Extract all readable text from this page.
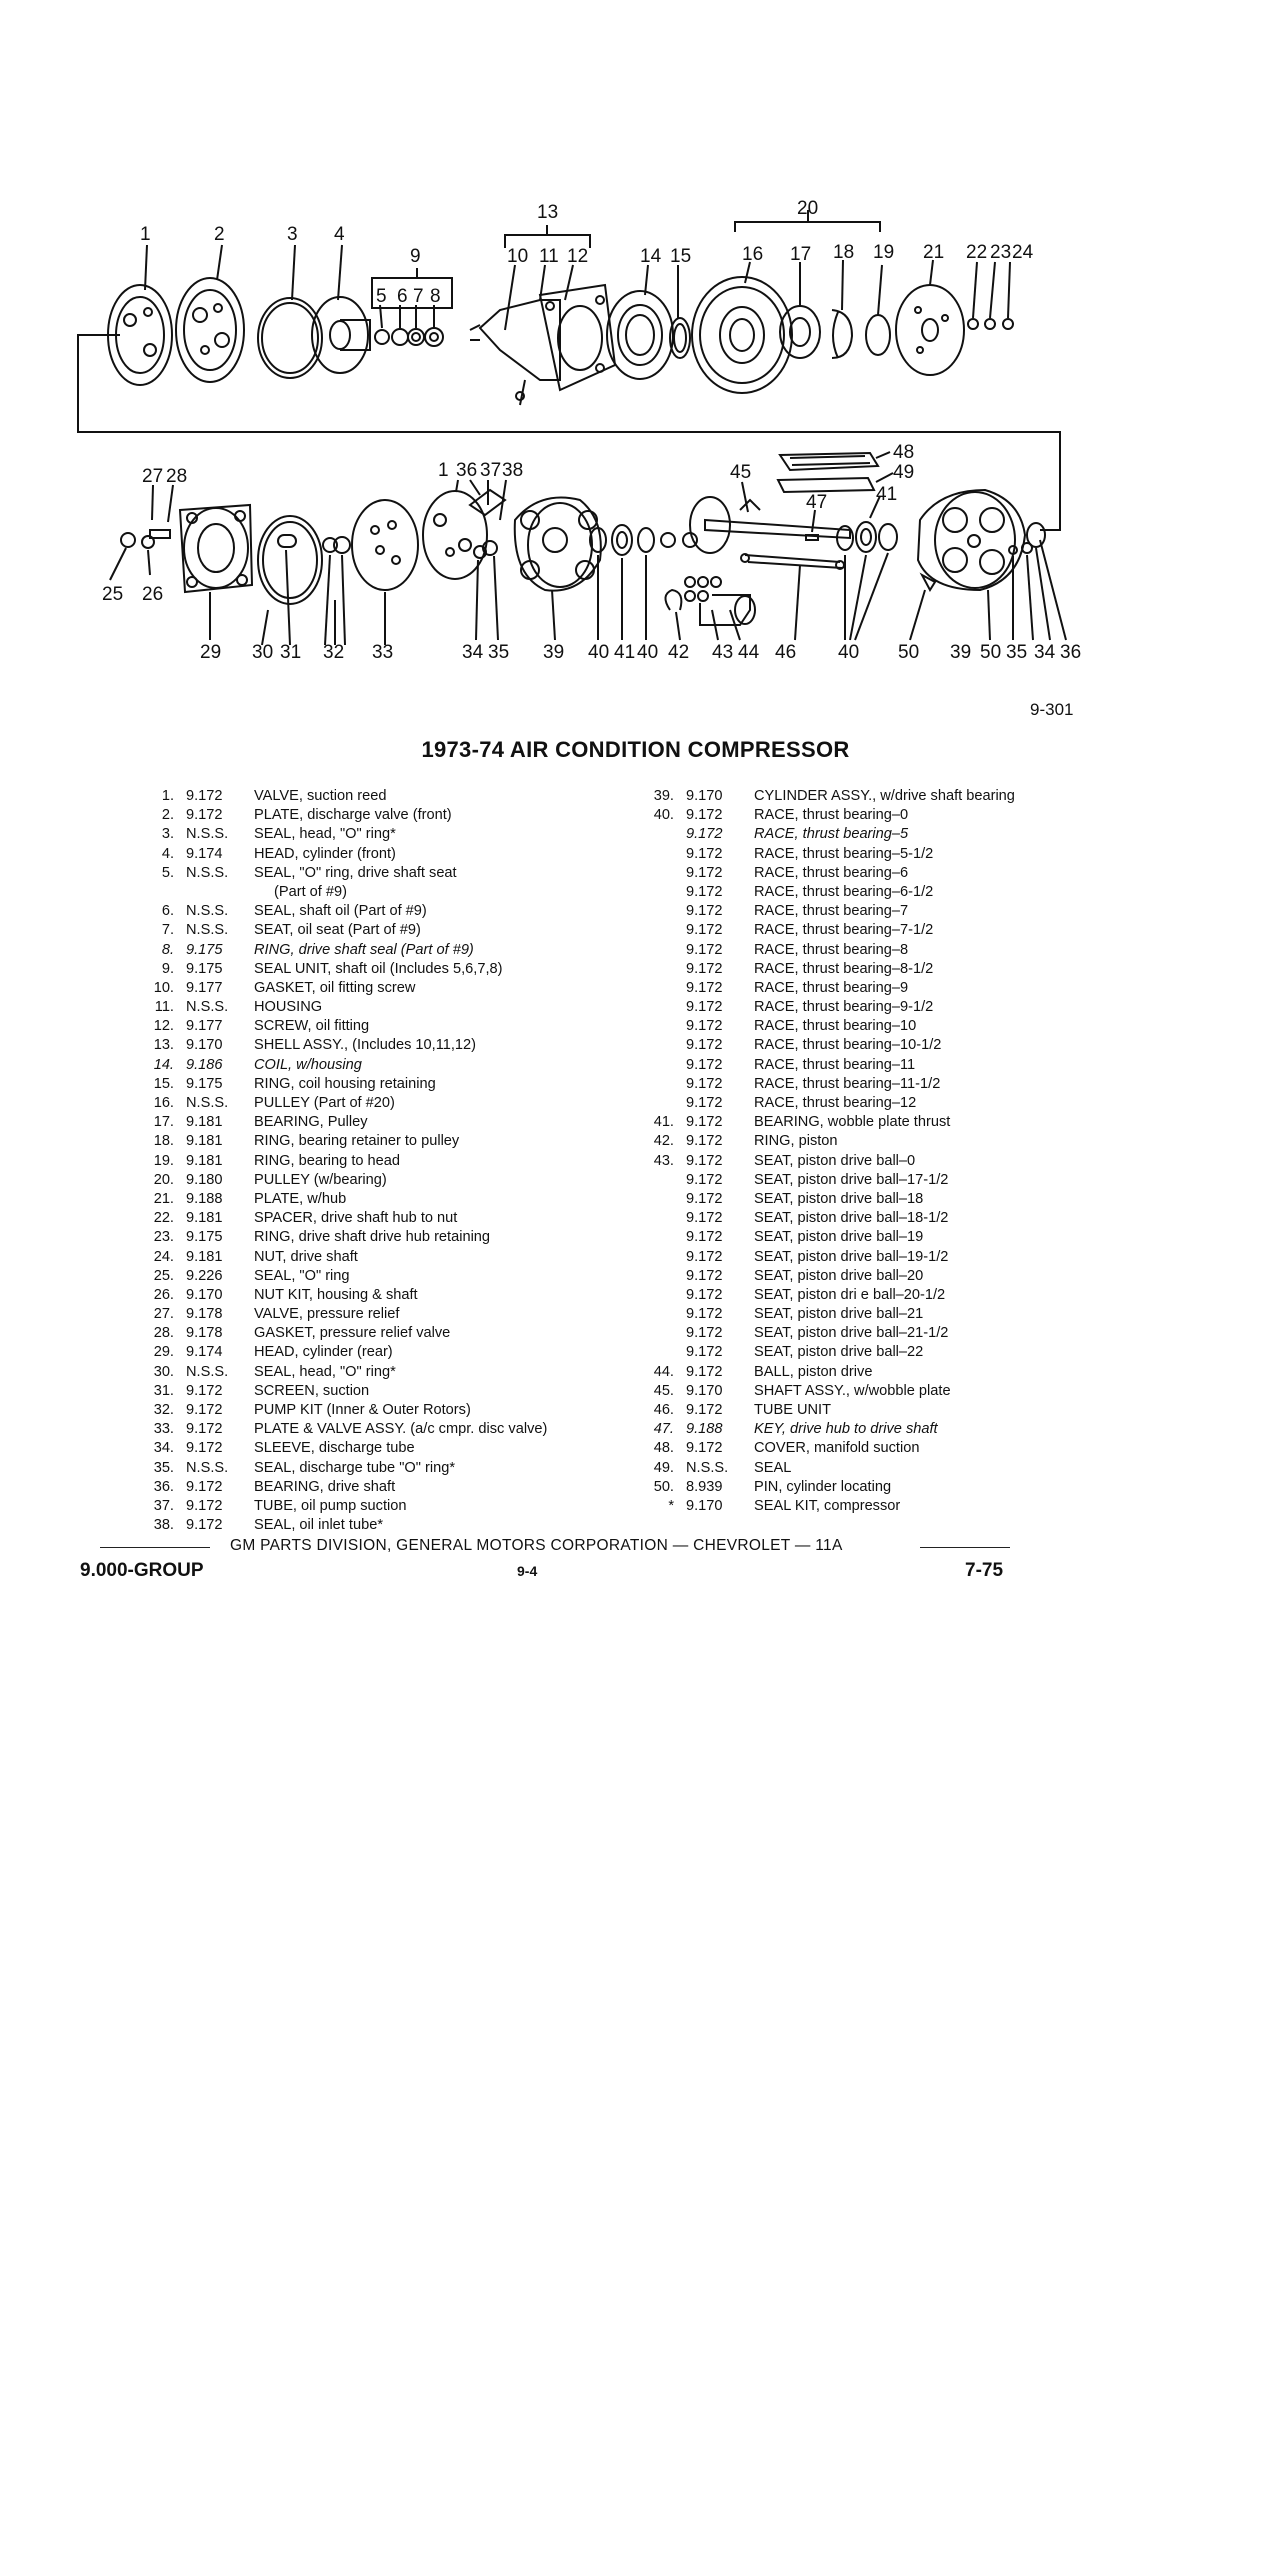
1	2	3 4
9
5 6 7 8
13
10 11 12	14 15
20
16 17 18 19 21 22 23 24
27 28
25 26
29 30 31 32 33
1 36 37 38
34 35 39 40 41 40 42 43 44
45
46
47
48
49
41
40 50 39 50 35 34 36
9-301
1973-74 AIR CONDITION COMPRESSOR
1. 9.172	VALVE, suction reed
2. 9.172	PLATE, discharge valve (front)
3. N.S.S.	SEAL, head, "O" ring*
4. 9.174	HEAD, cylinder (front)
5. N.S.S.	SEAL, "O" ring, drive shaft seat
(Part of #9)
6. N.S.S.	SEAL, shaft oil (Part of #9)
7. N.S.S.	SEAT, oil seat (Part of #9)
8. 9.175	RING, drive shaft seal (Part of #9)
9. 9.175	SEAL UNIT, shaft oil (Includes 5,6,7,8)
10. 9.177	GASKET, oil fitting screw
11. N.S.S.	HOUSING
12. 9.177	SCREW, oil fitting
13. 9.170	SHELL ASSY., (Includes 10,11,12)
14. 9.186	COIL, w/housing
15. 9.175	RING, coil housing retaining
16. N.S.S.	PULLEY (Part of #20)
17. 9.181	BEARING, Pulley
18. 9.181	RING, bearing retainer to pulley
19. 9.181	RING, bearing to head
20. 9.180	PULLEY (w/bearing)
21. 9.188	PLATE, w/hub
22. 9.181	SPACER, drive shaft hub to nut
23. 9.175	RING, drive shaft drive hub retaining
24. 9.181	NUT, drive shaft
25. 9.226	SEAL, "O" ring
26. 9.170	NUT KIT, housing & shaft
27. 9.178	VALVE, pressure relief
28. 9.178	GASKET, pressure relief valve
29. 9.174	HEAD, cylinder (rear)
30. N.S.S.	SEAL, head, "O" ring*
31. 9.172	SCREEN, suction
32. 9.172	PUMP KIT (Inner & Outer Rotors)
33. 9.172	PLATE & VALVE ASSY. (a/c cmpr. disc valve)
34. 9.172	SLEEVE, discharge tube
35. N.S.S.	SEAL, discharge tube "O" ring*
36. 9.172	BEARING, drive shaft
37. 9.172	TUBE, oil pump suction
38. 9.172	SEAL, oil inlet tube*
39. 9.170	CYLINDER ASSY., w/drive shaft bearing
40. 9.172	RACE, thrust bearing–0
9.172	RACE, thrust bearing–5
9.172	RACE, thrust bearing–5-1/2
9.172	RACE, thrust bearing–6
9.172	RACE, thrust bearing–6-1/2
9.172	RACE, thrust bearing–7
9.172	RACE, thrust bearing–7-1/2
9.172	RACE, thrust bearing–8
9.172	RACE, thrust bearing–8-1/2
9.172	RACE, thrust bearing–9
9.172	RACE, thrust bearing–9-1/2
9.172	RACE, thrust bearing–10
9.172	RACE, thrust bearing–10-1/2
9.172	RACE, thrust bearing–11
9.172	RACE, thrust bearing–11-1/2
9.172	RACE, thrust bearing–12
41. 9.172	BEARING, wobble plate thrust
42. 9.172	RING, piston
43. 9.172	SEAT, piston drive ball–0
9.172	SEAT, piston drive ball–17-1/2
9.172	SEAT, piston drive ball–18
9.172	SEAT, piston drive ball–18-1/2
9.172	SEAT, piston drive ball–19
9.172	SEAT, piston drive ball–19-1/2
9.172	SEAT, piston drive ball–20
9.172	SEAT, piston dri e ball–20-1/2
9.172	SEAT, piston drive ball–21
9.172	SEAT, piston drive ball–21-1/2
9.172	SEAT, piston drive ball–22
44. 9.172	BALL, piston drive
45. 9.170	SHAFT ASSY., w/wobble plate
46. 9.172	TUBE UNIT
47. 9.188	KEY, drive hub to drive shaft
48. 9.172	COVER, manifold suction
49. N.S.S.	SEAL
50. 8.939	PIN, cylinder locating
* 9.170	SEAL KIT, compressor
GM PARTS DIVISION, GENERAL MOTORS CORPORATION — CHEVROLET — 11A
9.000-GROUP	9-4	7-75
